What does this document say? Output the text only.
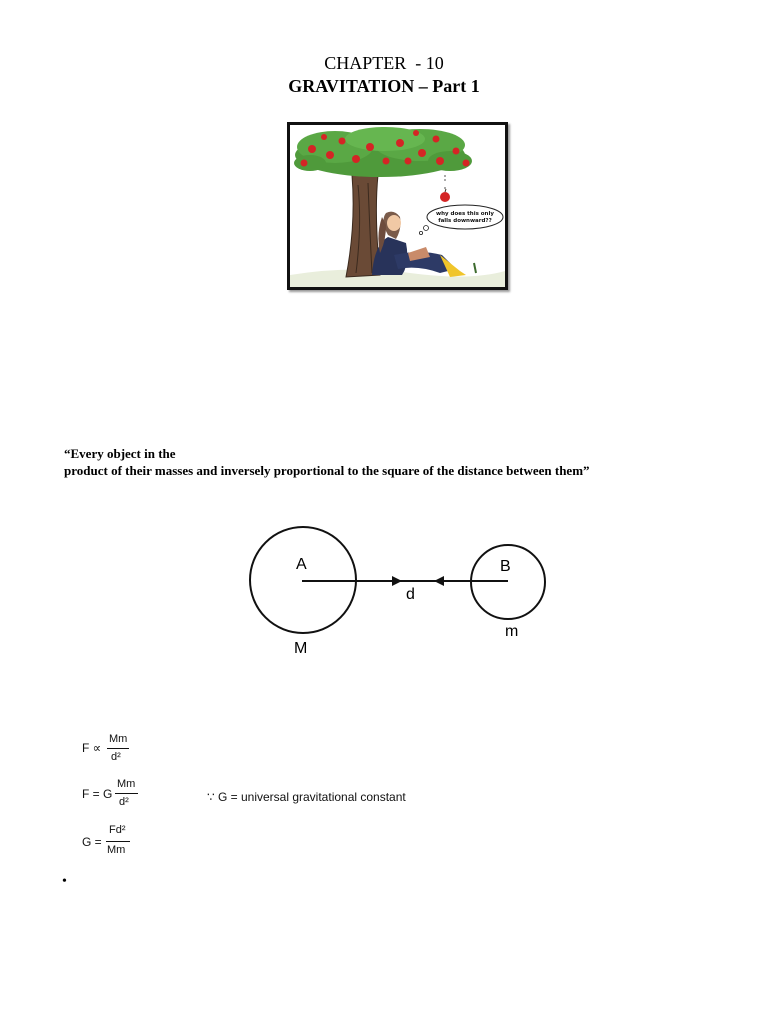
CHAPTER  - 10
GRAVITATION – Part 1
why does this only
falls downward??
“Every object in the
product of their masses and inversely proportional to the square of the distance between them”
A	B
d
M
m
F ∝
Mm
d²
F = G
Mm
d²
G =
Fd²
Mm
∵ G = universal gravitational constant
•
